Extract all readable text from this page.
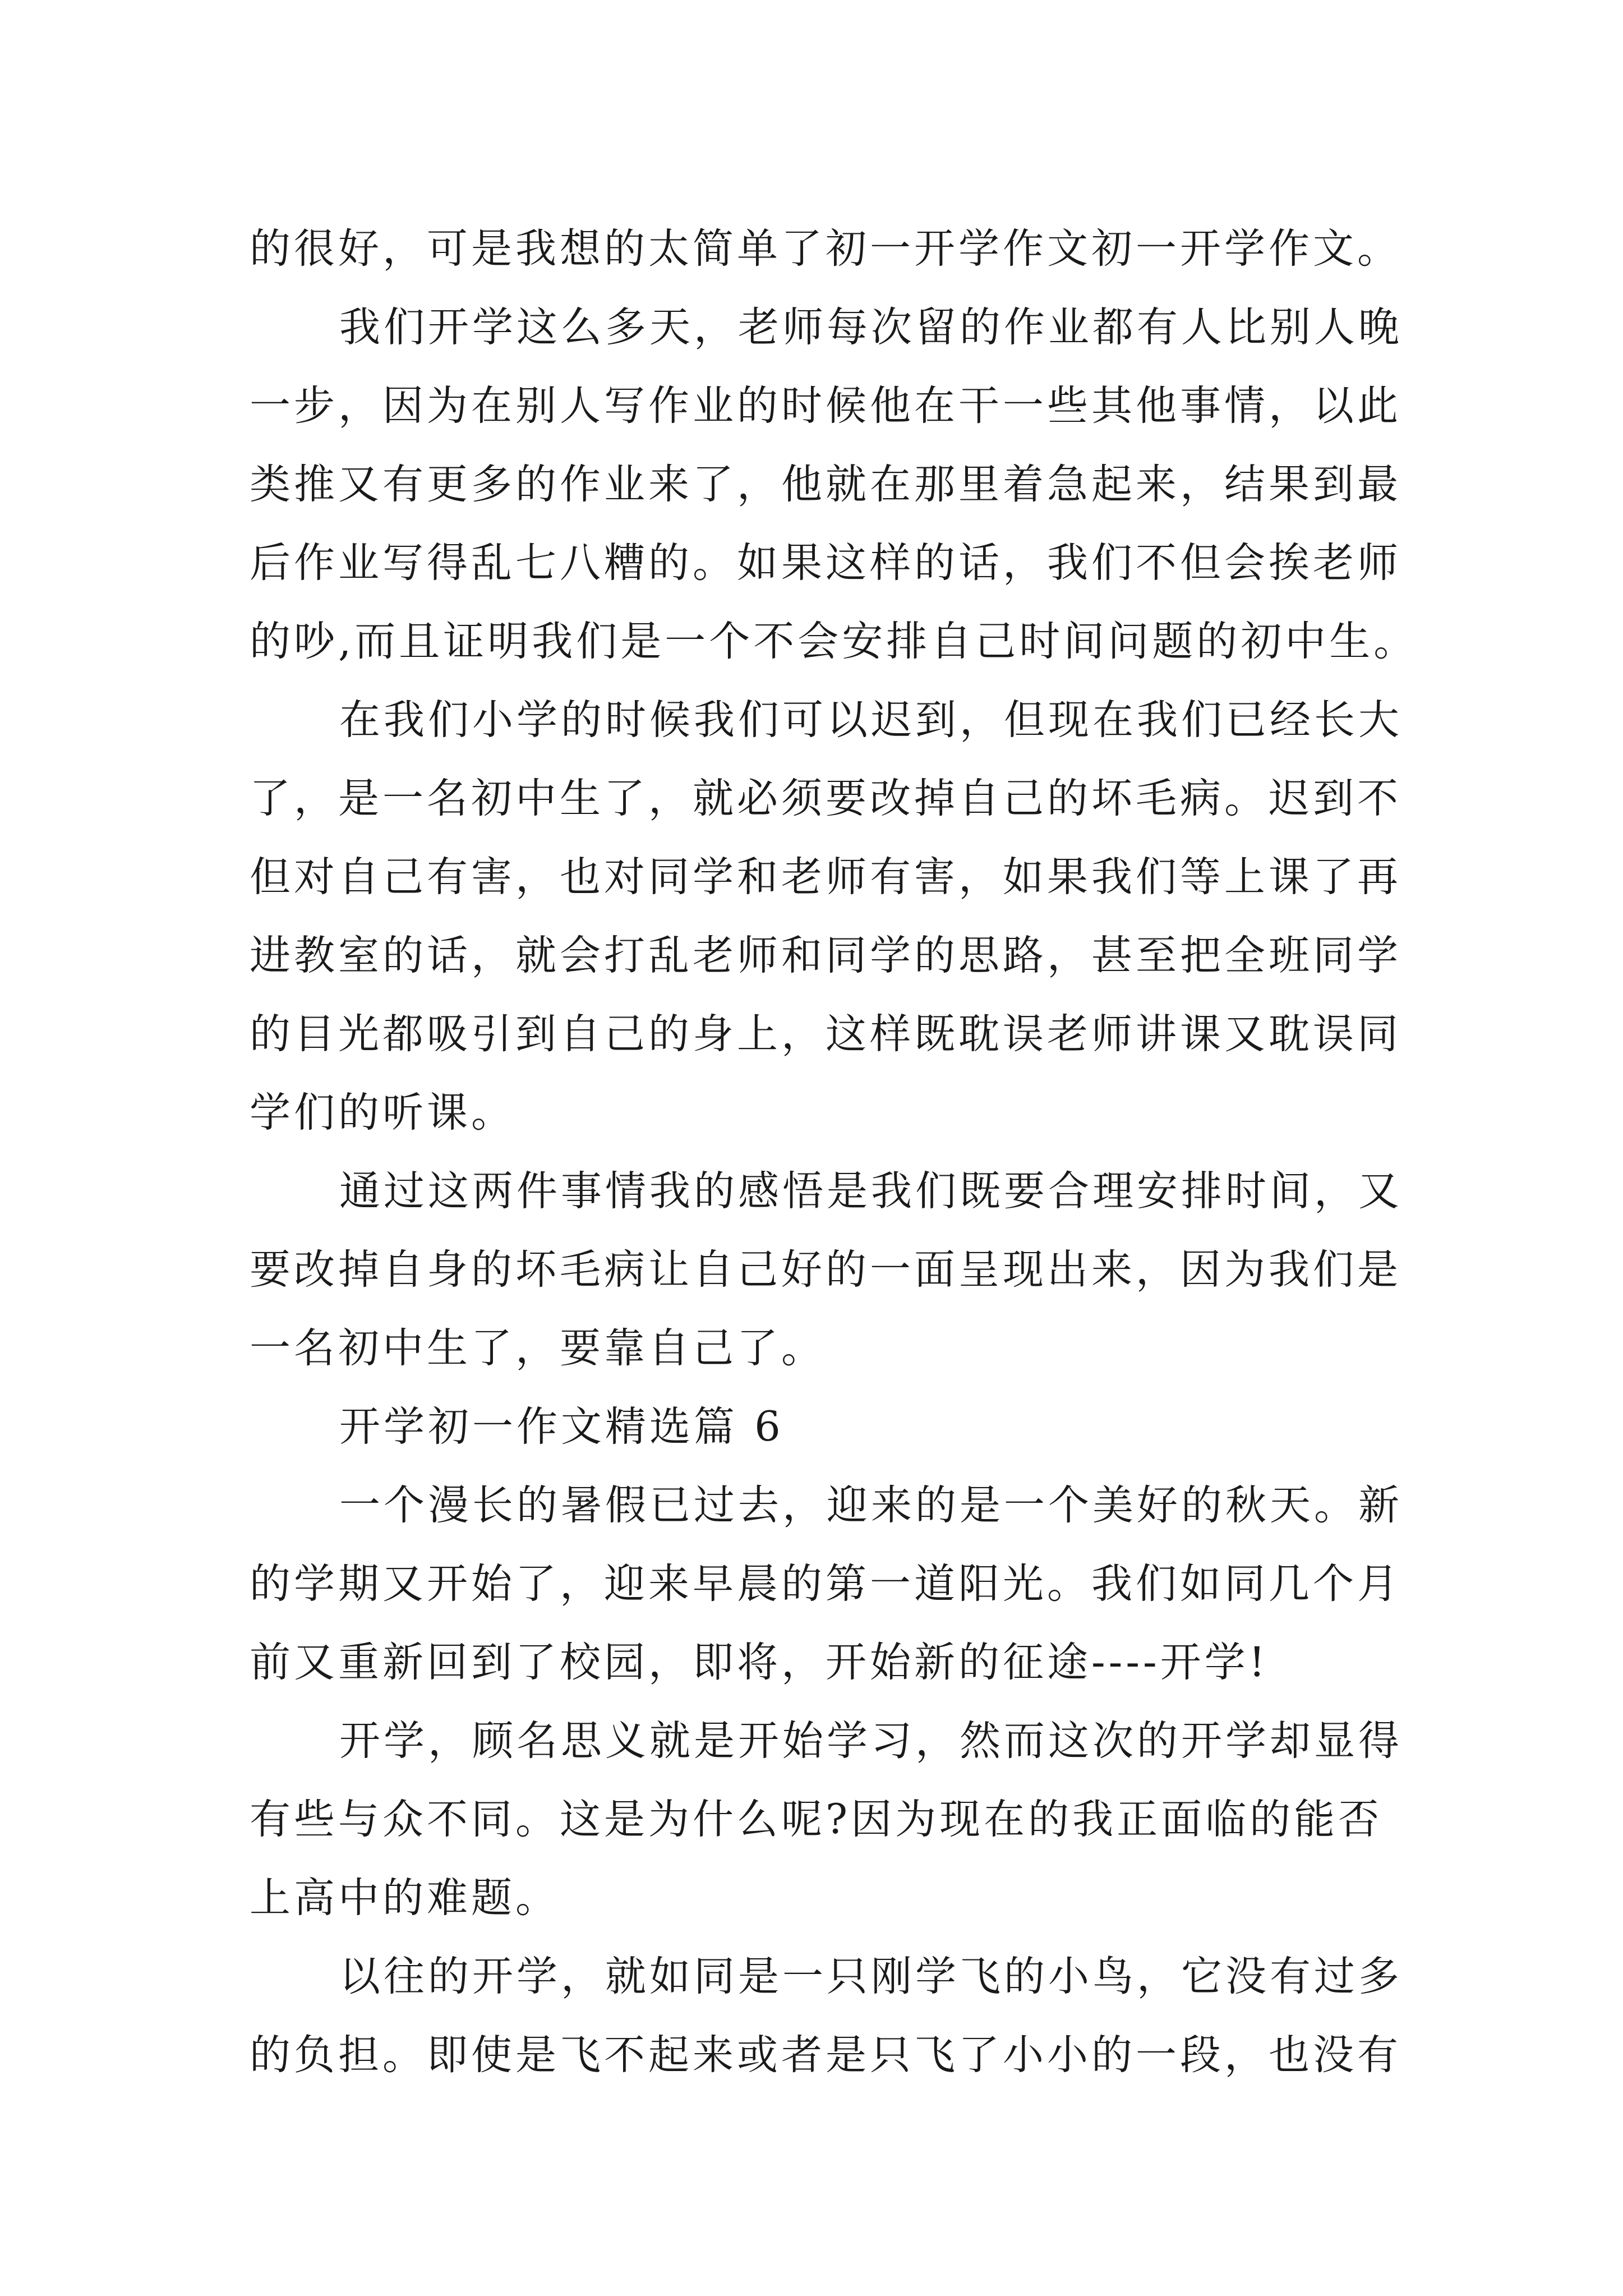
的很好，可是我想的太简单了初一开学作文初一开学作文。
我们开学这么多天，老师每次留的作业都有人比别人晚
一步，因为在别人写作业的时候他在干一些其他事情，以此
类推又有更多的作业来了，他就在那里着急起来，结果到最
后作业写得乱七八糟的。如果这样的话，我们不但会挨老师
的吵,而且证明我们是一个不会安排自己时间问题的初中生。
在我们小学的时候我们可以迟到，但现在我们已经长大
了，是一名初中生了，就必须要改掉自己的坏毛病。迟到不
但对自己有害，也对同学和老师有害，如果我们等上课了再
进教室的话，就会打乱老师和同学的思路，甚至把全班同学
的目光都吸引到自己的身上，这样既耽误老师讲课又耽误同
学们的听课。
通过这两件事情我的感悟是我们既要合理安排时间，又
要改掉自身的坏毛病让自己好的一面呈现出来，因为我们是
一名初中生了，要靠自己了。
开学初一作文精选篇 6
一个漫长的暑假已过去，迎来的是一个美好的秋天。新
的学期又开始了，迎来早晨的第一道阳光。我们如同几个月
前又重新回到了校园，即将，开始新的征途----开学!
开学，顾名思义就是开始学习，然而这次的开学却显得
有些与众不同。这是为什么呢?因为现在的我正面临的能否
上高中的难题。
以往的开学，就如同是一只刚学飞的小鸟，它没有过多
的负担。即使是飞不起来或者是只飞了小小的一段，也没有
